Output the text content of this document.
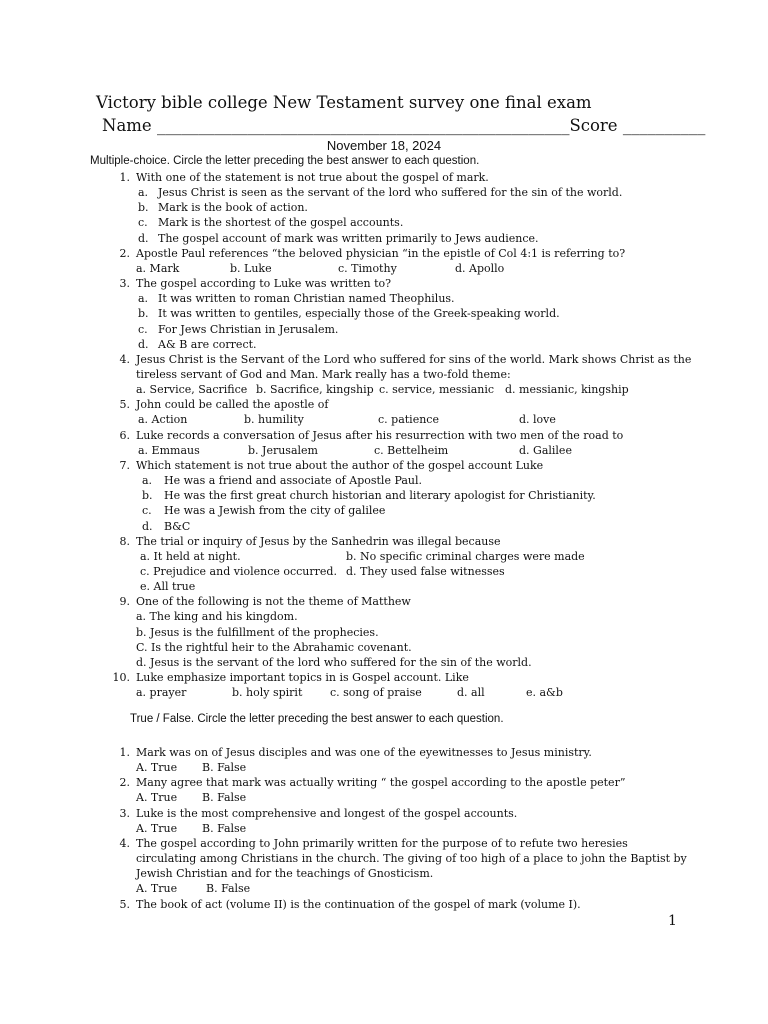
Victory bible college New Testament survey one final exam
Name __________________________________________________Score __________
November 18, 2024
Multiple-choice. Circle the letter preceding the best answer to each question.
1. With one of the statement is not true about the gospel of mark.
a. Jesus Christ is seen as the servant of the lord who suffered for the sin of the world.
b. Mark is the book of action.
c. Mark is the shortest of the gospel accounts.
d. The gospel account of mark was written primarily to Jews audience.
2. Apostle Paul references “the beloved physician “in the epistle of Col 4:1 is referring to?
a. Mark	b. Luke	c. Timothy	d. Apollo
3. The gospel according to Luke was written to?
a. It was written to roman Christian named Theophilus.
b. It was written to gentiles, especially those of the Greek-speaking world.
c. For Jews Christian in Jerusalem.
d. A& B are correct.
4. Jesus Christ is the Servant of the Lord who suffered for sins of the world. Mark shows Christ as the tireless servant of God and Man. Mark really has a two-fold theme:
a. Service, Sacrifice b. Sacrifice, kingship c. service, messianic d. messianic, kingship
5. John could be called the apostle of
a. Action	b. humility	c. patience	d. love
6. Luke records a conversation of Jesus after his resurrection with two men of the road to
a. Emmaus	b. Jerusalem	c. Bettelheim	d. Galilee
7. Which statement is not true about the author of the gospel account Luke
a. He was a friend and associate of Apostle Paul.
b. He was the first great church historian and literary apologist for Christianity.
c. He was a Jewish from the city of galilee
d. B&C
8. The trial or inquiry of Jesus by the Sanhedrin was illegal because
a. It held at night.	b. No specific criminal charges were made
c. Prejudice and violence occurred. d. They used false witnesses
e. All true
9. One of the following is not the theme of Matthew
a. The king and his kingdom.
b. Jesus is the fulfillment of the prophecies.
C. Is the rightful heir to the Abrahamic covenant.
d. Jesus is the servant of the lord who suffered for the sin of the world.
10. Luke emphasize important topics in is Gospel account. Like
a. prayer	b. holy spirit	c. song of praise	d. all	e. a&b
True / False. Circle the letter preceding the best answer to each question.
1. Mark was on of Jesus disciples and was one of the eyewitnesses to Jesus ministry.
A. True B. False
2. Many agree that mark was actually writing “ the gospel according to the apostle peter”
A. True B. False
3. Luke is the most comprehensive and longest of the gospel accounts.
A. True B. False
4. The gospel according to John primarily written for the purpose of to refute two heresies circulating among Christians in the church. The giving of too high of a place to john the Baptist by Jewish Christian and for the teachings of Gnosticism.
A. True	B. False
5. The book of act (volume II) is the continuation of the gospel of mark (volume I).
1
